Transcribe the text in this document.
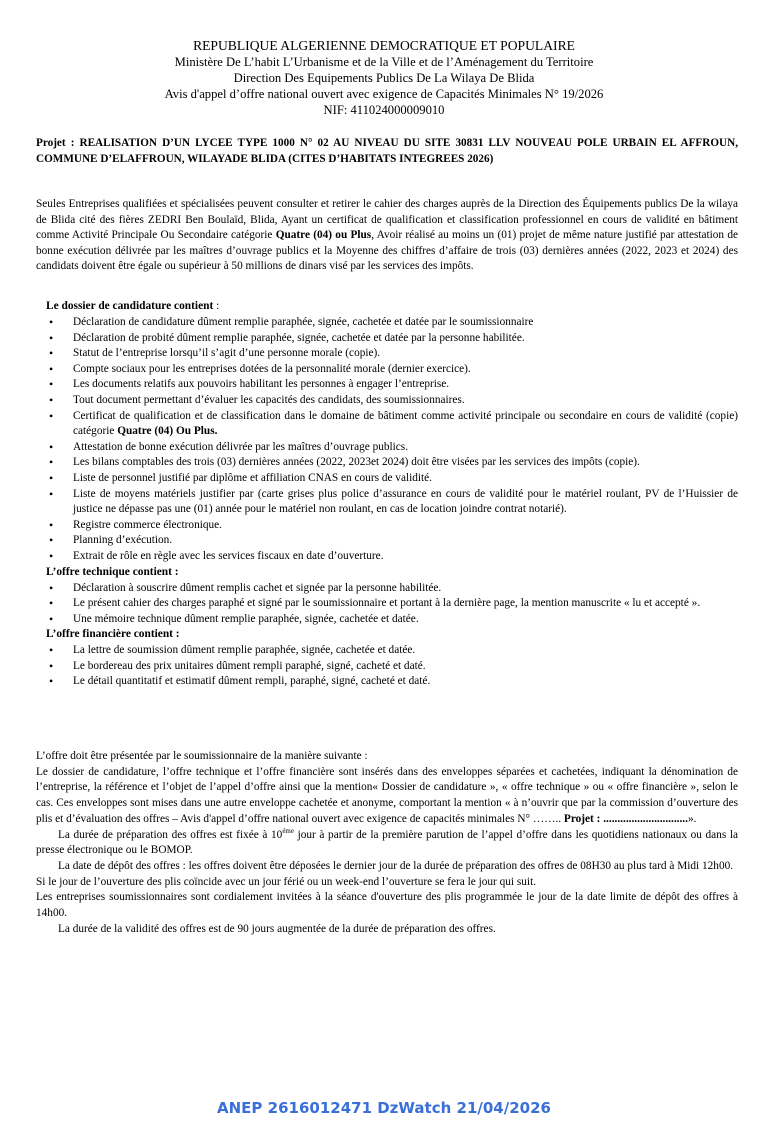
REPUBLIQUE ALGERIENNE DEMOCRATIQUE ET POPULAIRE
Ministère De L’habit L’Urbanisme et de la Ville et de l’Aménagement du Territoire
Direction Des Equipements Publics De La Wilaya De Blida
Avis d'appel d’offre national ouvert avec exigence de Capacités Minimales N° 19/2026
NIF: 411024000009010
Projet : REALISATION D’UN LYCEE TYPE 1000 N° 02 AU NIVEAU DU SITE 30831 LLV NOUVEAU POLE URBAIN EL AFFROUN, COMMUNE D’ELAFFROUN, WILAYADE BLIDA (CITES D’HABITATS INTEGREES 2026)
Seules Entreprises qualifiées et spécialisées peuvent consulter et retirer le cahier des charges auprès de la Direction des Équipements publics De la wilaya de Blida cité des fières ZEDRI Ben Boulaïd, Blida, Ayant un certificat de qualification et classification professionnel en cours de validité en bâtiment comme Activité Principale Ou Secondaire catégorie Quatre (04) ou Plus, Avoir réalisé au moins un (01) projet de même nature justifié par attestation de bonne exécution délivrée par les maîtres d’ouvrage publics et la Moyenne des chiffres d’affaire de trois (03) dernières années (2022, 2023 et 2024) des candidats doivent être égale ou supérieur à 50 millions de dinars visé par les services des impôts.
Le dossier de candidature contient :
• Déclaration de candidature dûment remplie paraphée, signée, cachetée et datée par le soumissionnaire
• Déclaration de probité dûment remplie paraphée, signée, cachetée et datée par la personne habilitée.
• Statut de l’entreprise lorsqu’il s’agit d’une personne morale (copie).
• Compte sociaux pour les entreprises dotées de la personnalité morale (dernier exercice).
• Les documents relatifs aux pouvoirs habilitant les personnes à engager l’entreprise.
• Tout document permettant d’évaluer les capacités des candidats, des soumissionnaires.
• Certificat de qualification et de classification dans le domaine de bâtiment comme activité principale ou secondaire en cours de validité (copie) catégorie Quatre (04) Ou Plus.
• Attestation de bonne exécution délivrée par les maîtres d’ouvrage publics.
• Les bilans comptables des trois (03) dernières années (2022, 2023et 2024) doit être visées par les services des impôts (copie).
• Liste de personnel justifié par diplôme et affiliation CNAS en cours de validité.
• Liste de moyens matériels justifier par (carte grises plus police d’assurance en cours de validité pour le matériel roulant, PV de l’Huissier de justice ne dépasse pas une (01) année pour le matériel non roulant, en cas de location joindre contrat notarié).
• Registre commerce électronique.
• Planning d’exécution.
• Extrait de rôle en règle avec les services fiscaux en date d’ouverture.
L’offre technique contient :
• Déclaration à souscrire dûment remplis cachet et signée par la personne habilitée.
• Le présent cahier des charges paraphé et signé par le soumissionnaire et portant à la dernière page, la mention manuscrite « lu et accepté ».
• Une mémoire technique dûment remplie paraphée, signée, cachetée et datée.
L’offre financière contient :
• La lettre de soumission dûment remplie paraphée, signée, cachetée et datée.
• Le bordereau des prix unitaires dûment rempli paraphé, signé, cacheté et daté.
• Le détail quantitatif et estimatif dûment rempli, paraphé, signé, cacheté et daté.
L’offre doit être présentée par le soumissionnaire de la manière suivante :
Le dossier de candidature, l’offre technique et l’offre financière sont insérés dans des enveloppes séparées et cachetées, indiquant la dénomination de l’entreprise, la référence et l’objet de l’appel d’offre ainsi que la mention« Dossier de candidature », « offre technique » ou « offre financière », selon le cas. Ces enveloppes sont mises dans une autre enveloppe cachetée et anonyme, comportant la mention « à n’ouvrir que par la commission d’ouverture des plis et d’évaluation des offres – Avis d'appel d’offre national ouvert avec exigence de capacités minimales N° …….. Projet : ..............................».
La durée de préparation des offres est fixée à $10^{éme}$ jour à partir de la première parution de l’appel d’offre dans les quotidiens nationaux ou dans la presse électronique ou le BOMOP.
La date de dépôt des offres : les offres doivent être déposées le dernier jour de la durée de préparation des offres de 08H30 au plus tard à Midi 12h00.
Si le jour de l’ouverture des plis coïncide avec un jour férié ou un week-end l’ouverture se fera le jour qui suit.
Les entreprises soumissionnaires sont cordialement invitées à la séance d'ouverture des plis programmée le jour de la date limite de dépôt des offres à 14h00.
La durée de la validité des offres est de 90 jours augmentée de la durée de préparation des offres.
ANEP 2616012471 DzWatch 21/04/2026
